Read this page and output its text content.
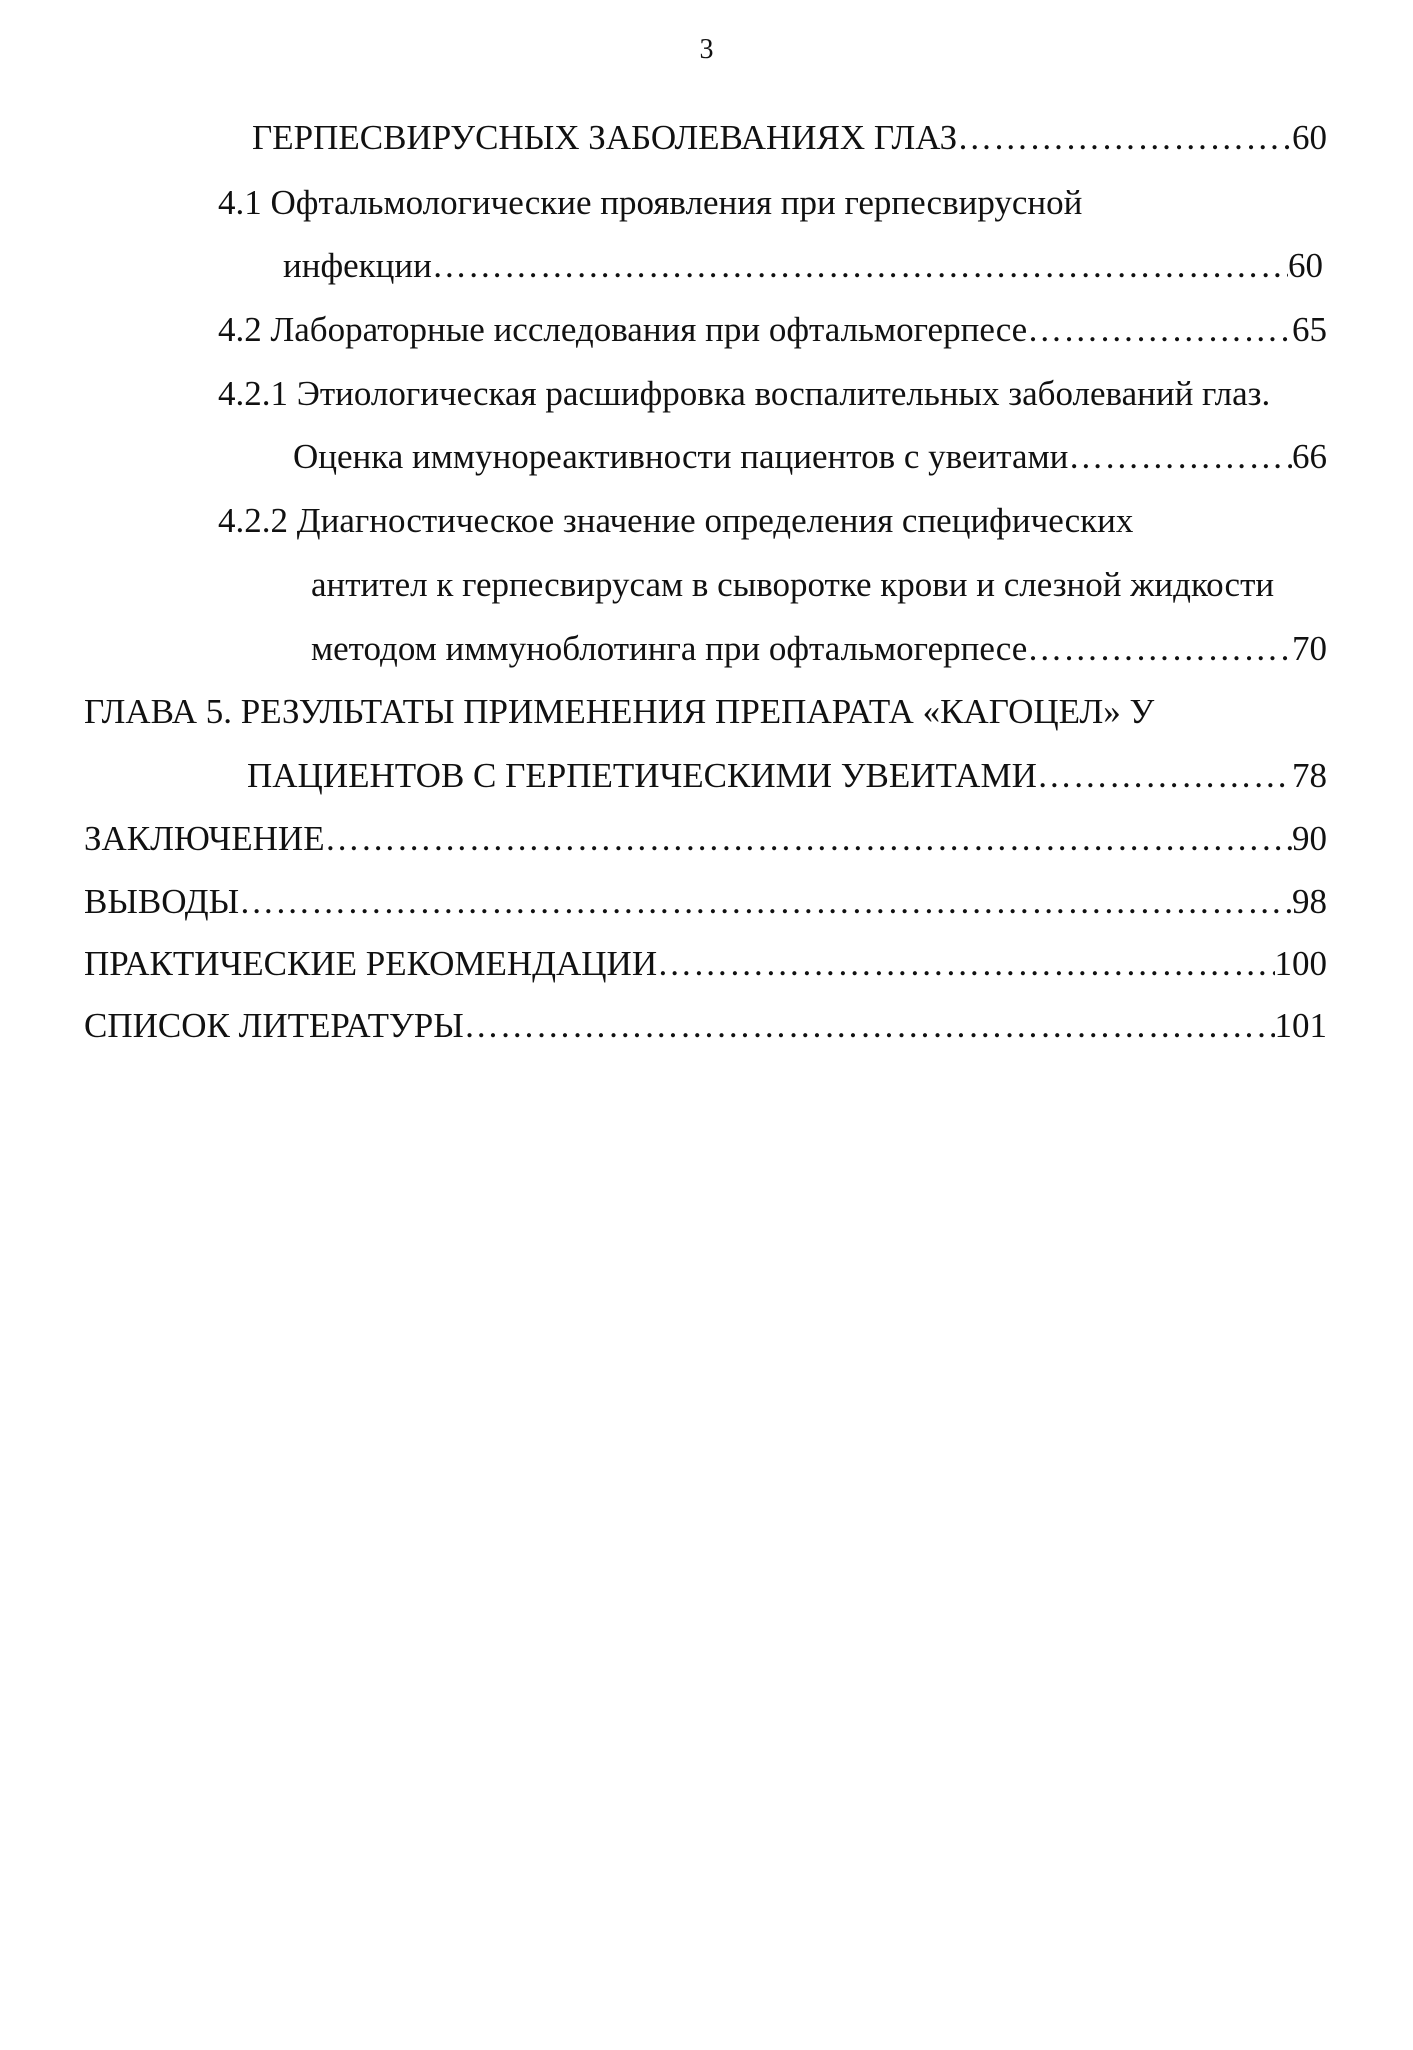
3
ГЕРПЕСВИРУСНЫХ ЗАБОЛЕВАНИЯХ ГЛАЗ …………………………………………………………………………………………………………………………………………………………………………………………………………	60
4.1 Офтальмологические проявления при герпесвирусной
инфекции …………………………………………………………………………………………………………………………………………………………………………………………………………	60
4.2 Лабораторные исследования при офтальмогерпесе …………………………………………………………………………………………………………………………………………………………………………………………………………	65
4.2.1 Этиологическая расшифровка воспалительных заболеваний глаз.
Оценка иммунореактивности пациентов с увеитами …………………………………………………………………………………………………………………………………………………………………………………………………………	66
4.2.2 Диагностическое значение определения специфических
антител к герпесвирусам в сыворотке крови и слезной жидкости
методом иммуноблотинга при офтальмогерпесе …………………………………………………………………………………………………………………………………………………………………………………………………………	70
ГЛАВА 5. РЕЗУЛЬТАТЫ ПРИМЕНЕНИЯ ПРЕПАРАТА «КАГОЦЕЛ» У
ПАЦИЕНТОВ С ГЕРПЕТИЧЕСКИМИ УВЕИТАМИ …………………………………………………………………………………………………………………………………………………………………………………………………………	78
ЗАКЛЮЧЕНИЕ …………………………………………………………………………………………………………………………………………………………………………………………………………	90
ВЫВОДЫ …………………………………………………………………………………………………………………………………………………………………………………………………………	98
ПРАКТИЧЕСКИЕ РЕКОМЕНДАЦИИ …………………………………………………………………………………………………………………………………………………………………………………………………………	100
СПИСОК ЛИТЕРАТУРЫ …………………………………………………………………………………………………………………………………………………………………………………………………………	101
